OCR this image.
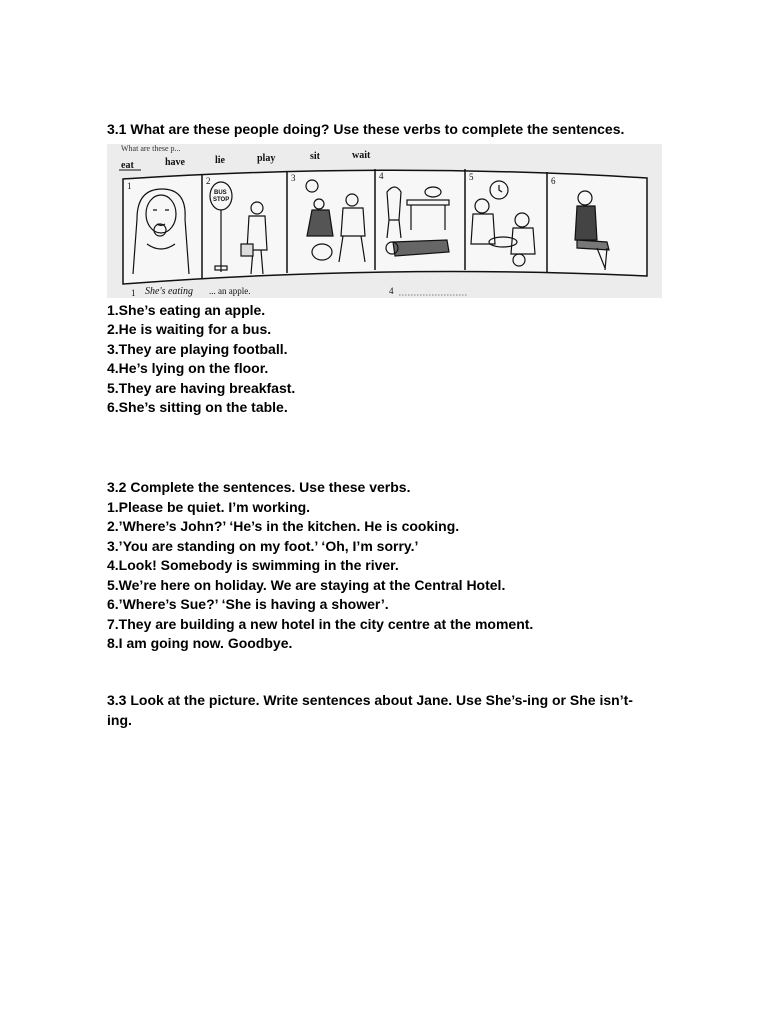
3.1 What are these people doing? Use these verbs to complete the sentences.

What are these p...
eat	have	lie	play	sit	wait
1	2	3	4	5	6
BUS
STOP
1 She's eating ... an apple.	4
1.She’s eating an apple.
2.He is waiting for a bus.
3.They are playing football.
4.He’s lying on the floor.
5.They are having breakfast.
6.She’s sitting on the table.

3.2 Complete the sentences. Use these verbs.

1.Please be quiet. I’m working.
2.’Where’s John?’ ‘He’s in the kitchen. He is cooking.
3.’You are standing on my foot.’ ‘Oh, I’m sorry.’
4.Look! Somebody is swimming in the river.
5.We’re here on holiday. We are staying at the Central Hotel.
6.’Where’s Sue?’ ‘She is having a shower’.
7.They are building a new hotel in the city centre at the moment.
8.I am going now. Goodbye.

3.3 Look at the picture. Write sentences about Jane. Use She’s-ing or She isn’t-ing.
